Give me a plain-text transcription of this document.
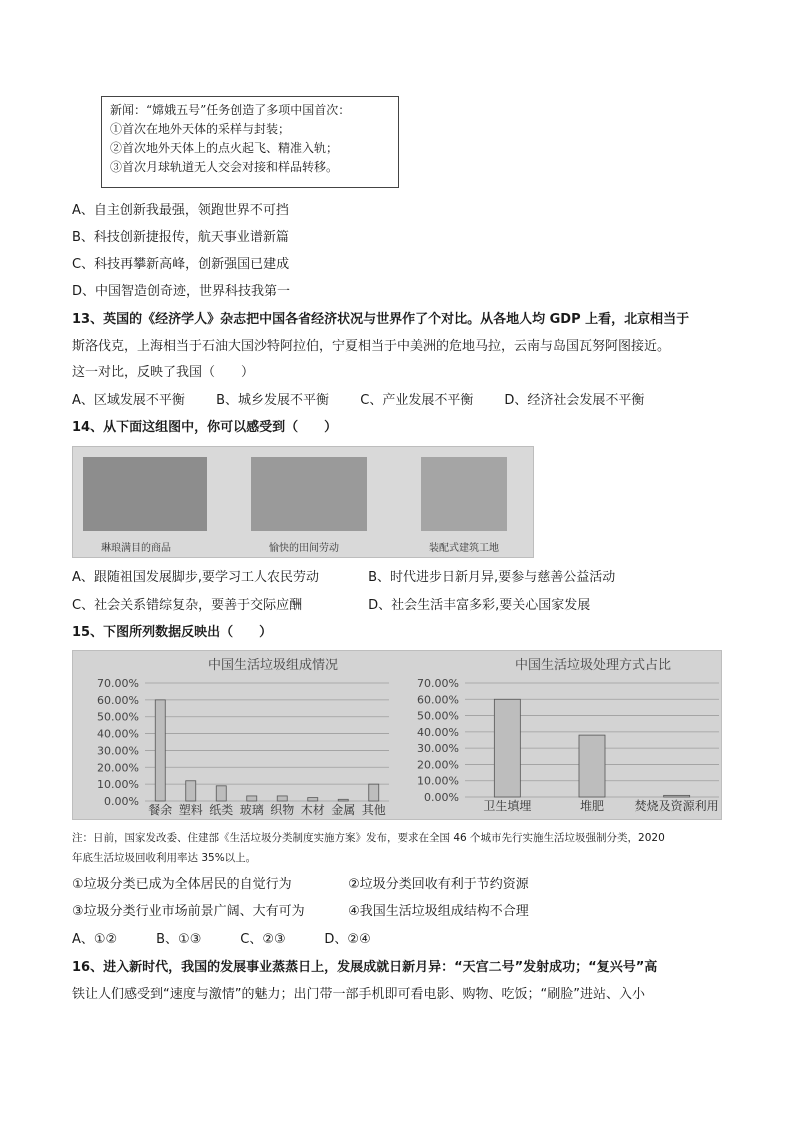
新闻：“嫦娥五号”任务创造了多项中国首次：
①首次在地外天体的采样与封装；
②首次地外天体上的点火起飞、精准入轨；
③首次月球轨道无人交会对接和样品转移。
A、自主创新我最强，领跑世界不可挡
B、科技创新捷报传，航天事业谱新篇
C、科技再攀新高峰，创新强国已建成
D、中国智造创奇迹，世界科技我第一
13、英国的《经济学人》杂志把中国各省经济状况与世界作了个对比。从各地人均 GDP 上看，北京相当于
斯洛伐克，上海相当于石油大国沙特阿拉伯，宁夏相当于中美洲的危地马拉，云南与岛国瓦努阿图接近。
这一对比，反映了我国（　　）
A、区域发展不平衡 B、城乡发展不平衡 C、产业发展不平衡 D、经济社会发展不平衡
14、从下面这组图中，你可以感受到（　　）
琳琅满目的商品	愉快的田间劳动	装配式建筑工地
A、跟随祖国发展脚步,要学习工人农民劳动	B、时代进步日新月异,要参与慈善公益活动
C、社会关系错综复杂，要善于交际应酬	D、社会生活丰富多彩,要关心国家发展
15、下图所列数据反映出（　　）
中国生活垃圾组成情况
0.00%
10.00%
20.00%
30.00%
40.00%
50.00%
60.00%
70.00%
餐余 塑料 纸类 玻璃 织物 木材 金属 其他
中国生活垃圾处理方式占比
0.00%
10.00%
20.00%
30.00%
40.00%
50.00%
60.00%
70.00%
卫生填埋	堆肥	焚烧及资源利用
注：日前，国家发改委、住建部《生活垃圾分类制度实施方案》发布，要求在全国 46 个城市先行实施生活垃圾强制分类，2020
年底生活垃圾回收利用率达 35%以上。
①垃圾分类已成为全体居民的自觉行为	②垃圾分类回收有利于节约资源
③垃圾分类行业市场前景广阔、大有可为	④我国生活垃圾组成结构不合理
A、①②	B、①③	C、②③	D、②④
16、进入新时代，我国的发展事业蒸蒸日上，发展成就日新月异：“天宫二号”发射成功；“复兴号”高
铁让人们感受到“速度与激情”的魅力；出门带一部手机即可看电影、购物、吃饭；“刷脸”进站、入小
